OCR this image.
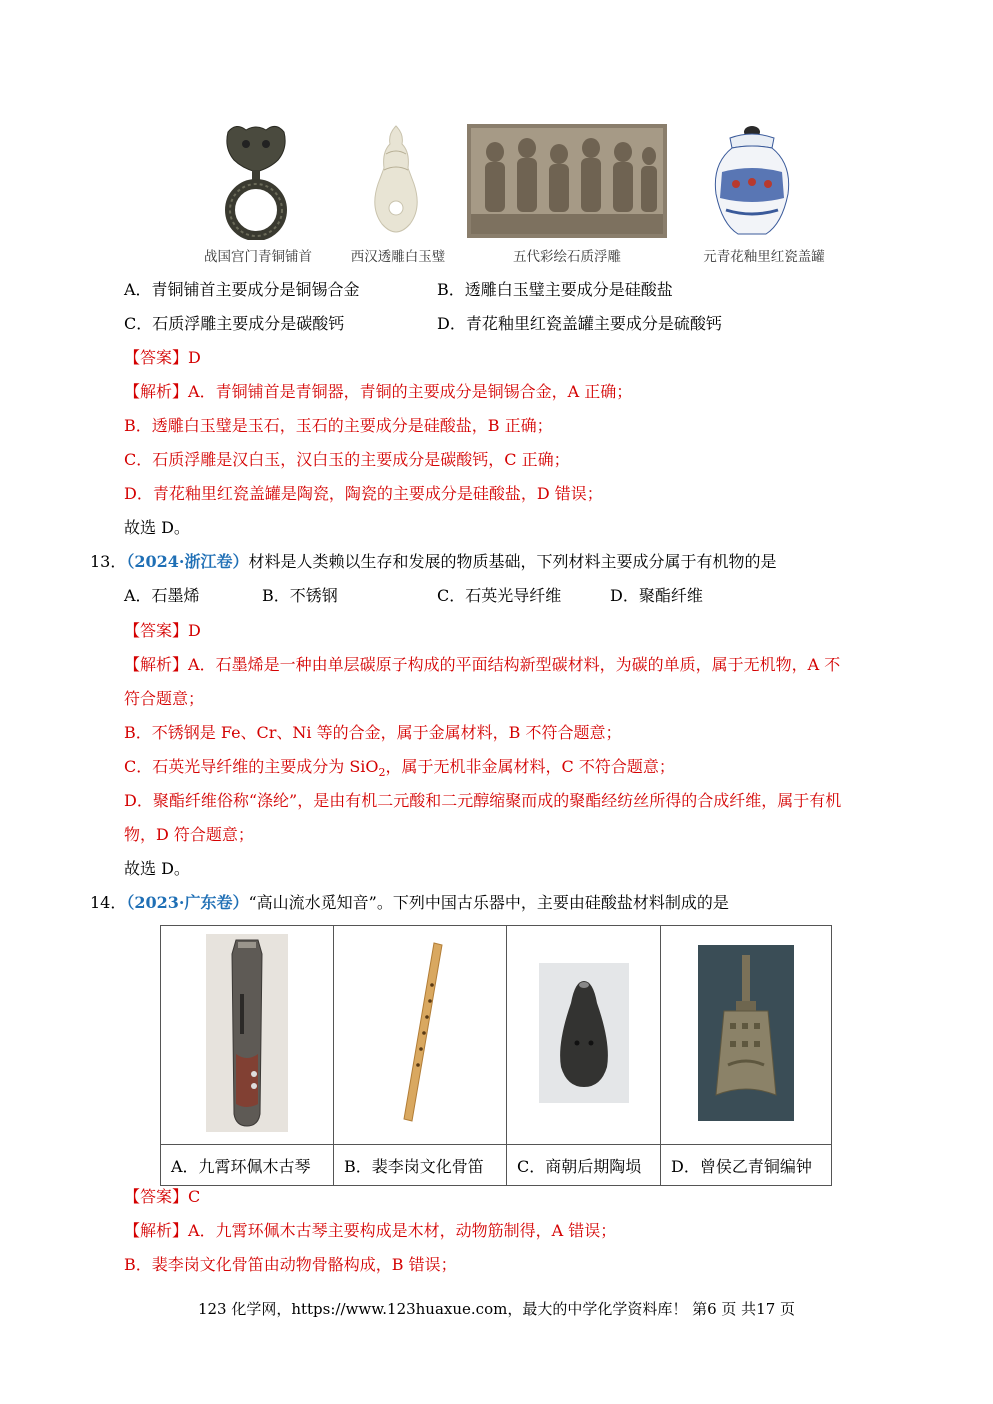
战国宫门青铜铺首	西汉透雕白玉璧	五代彩绘石质浮雕	元青花釉里红瓷盖罐
A．青铜铺首主要成分是铜锡合金	B．透雕白玉璧主要成分是硅酸盐
C．石质浮雕主要成分是碳酸钙	D．青花釉里红瓷盖罐主要成分是硫酸钙
【答案】D
【解析】A．青铜铺首是青铜器，青铜的主要成分是铜锡合金，A 正确；
B．透雕白玉璧是玉石，玉石的主要成分是硅酸盐，B 正确；
C．石质浮雕是汉白玉，汉白玉的主要成分是碳酸钙，C 正确；
D．青花釉里红瓷盖罐是陶瓷，陶瓷的主要成分是硅酸盐，D 错误；
故选 D。
13．（2024·浙江卷）材料是人类赖以生存和发展的物质基础，下列材料主要成分属于有机物的是
A．石墨烯	B．不锈钢	C．石英光导纤维	D．聚酯纤维
【答案】D
【解析】A．石墨烯是一种由单层碳原子构成的平面结构新型碳材料，为碳的单质，属于无机物，A 不
符合题意；
B．不锈钢是 Fe、Cr、Ni 等的合金，属于金属材料，B 不符合题意；
C．石英光导纤维的主要成分为 SiO$_2$，属于无机非金属材料，C 不符合题意；
D．聚酯纤维俗称“涤纶”，是由有机二元酸和二元醇缩聚而成的聚酯经纺丝所得的合成纤维，属于有机
物，D 符合题意；
故选 D。
14．（2023·广东卷）“高山流水觅知音”。下列中国古乐器中，主要由硅酸盐材料制成的是

A．九霄环佩木古琴	B．裴李岗文化骨笛	C．商朝后期陶埙	D．曾侯乙青铜编钟
【答案】C
【解析】A．九霄环佩木古琴主要构成是木材，动物筋制得，A 错误；
B．裴李岗文化骨笛由动物骨骼构成，B 错误；
123 化学网，https://www.123huaxue.com，最大的中学化学资料库！ 第6 页 共17 页
